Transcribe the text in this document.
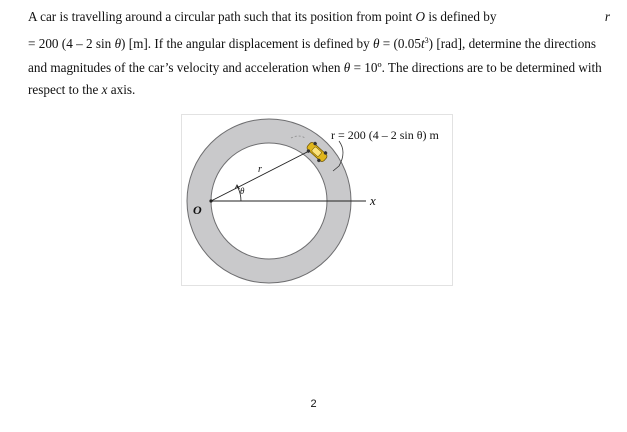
A car is travelling around a circular path such that its position from point O is defined by	r
= 200 (4 – 2 sin θ) [m]. If the angular displacement is defined by $\theta = (0.05t^3)$ [rad], determine the directions
and magnitudes of the car’s velocity and acceleration when θ = 10º. The directions are to be determined with
respect to the x axis.
r = 200 (4 – 2 sin θ) m
r
θ
O
x
2
